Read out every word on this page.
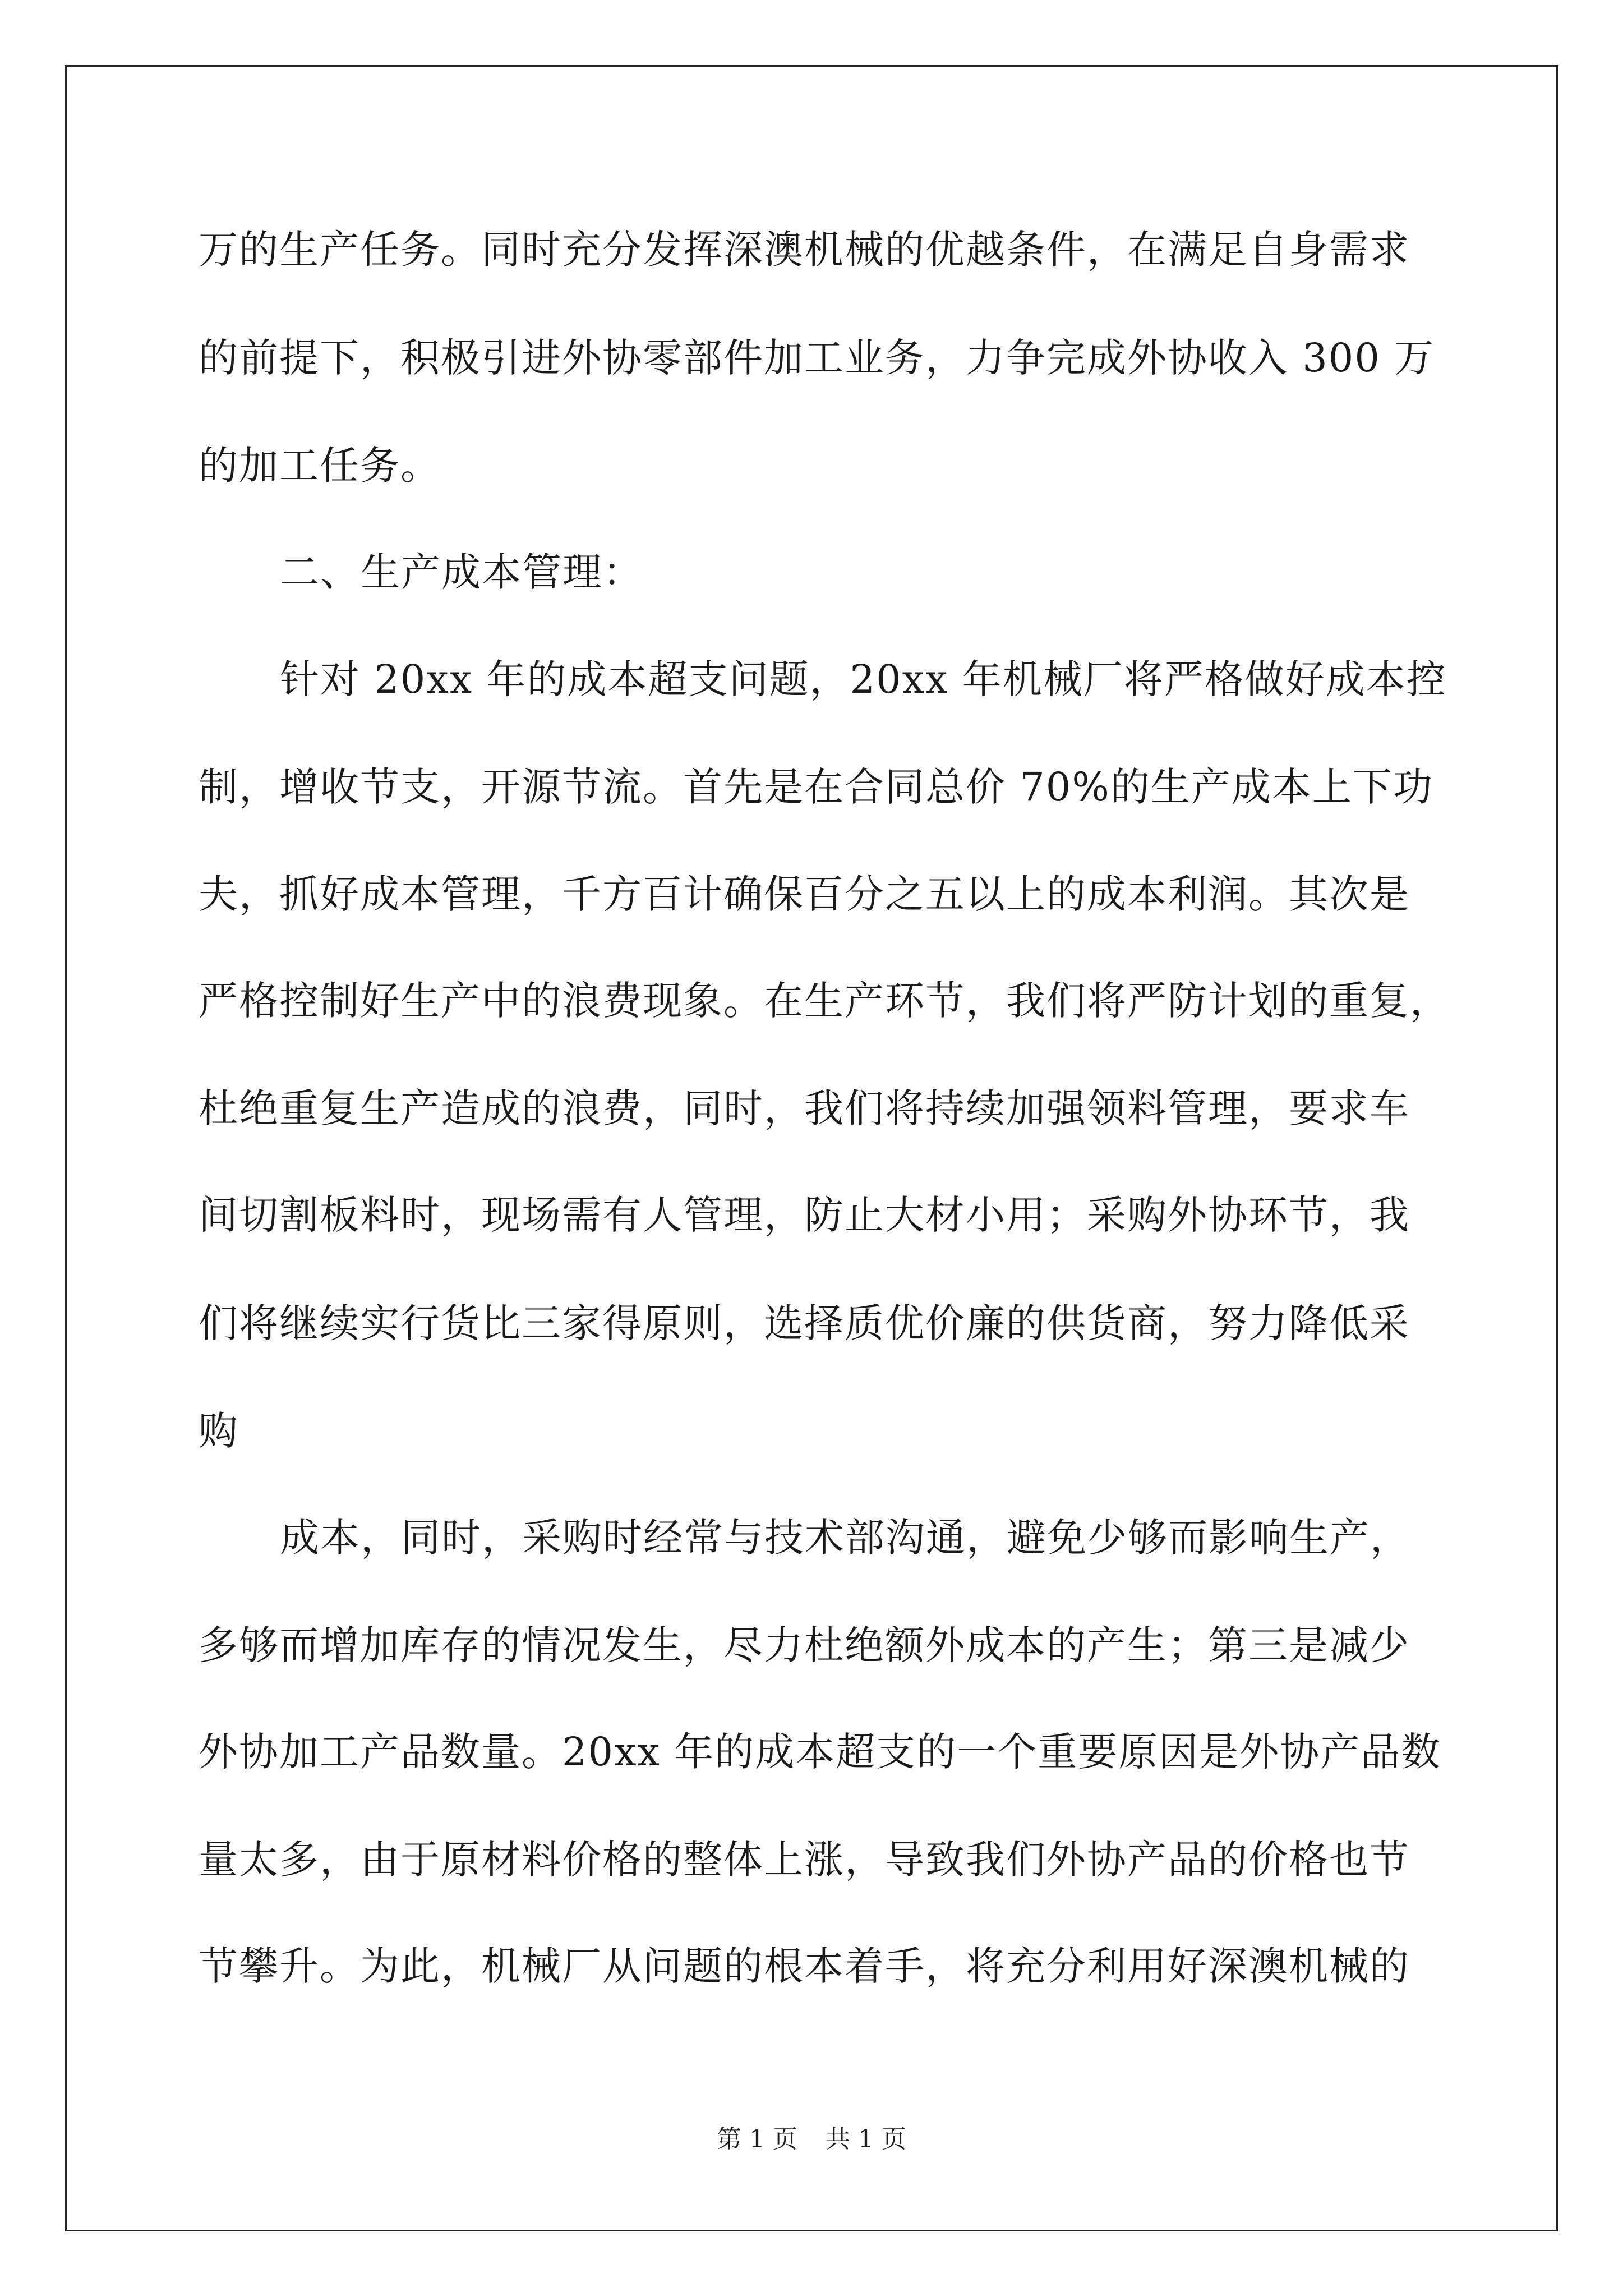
万的生产任务。同时充分发挥深澳机械的优越条件，在满足自身需求
的前提下，积极引进外协零部件加工业务，力争完成外协收入 300 万
的加工任务。
二、生产成本管理：
针对 20xx 年的成本超支问题，20xx 年机械厂将严格做好成本控
制，增收节支，开源节流。首先是在合同总价 70%的生产成本上下功
夫，抓好成本管理，千方百计确保百分之五以上的成本利润。其次是
严格控制好生产中的浪费现象。在生产环节，我们将严防计划的重复，
杜绝重复生产造成的浪费，同时，我们将持续加强领料管理，要求车
间切割板料时，现场需有人管理，防止大材小用；采购外协环节，我
们将继续实行货比三家得原则，选择质优价廉的供货商，努力降低采
购
成本，同时，采购时经常与技术部沟通，避免少够而影响生产，
多够而增加库存的情况发生，尽力杜绝额外成本的产生；第三是减少
外协加工产品数量。20xx 年的成本超支的一个重要原因是外协产品数
量太多，由于原材料价格的整体上涨，导致我们外协产品的价格也节
节攀升。为此，机械厂从问题的根本着手，将充分利用好深澳机械的
第 1 页 共 1 页
